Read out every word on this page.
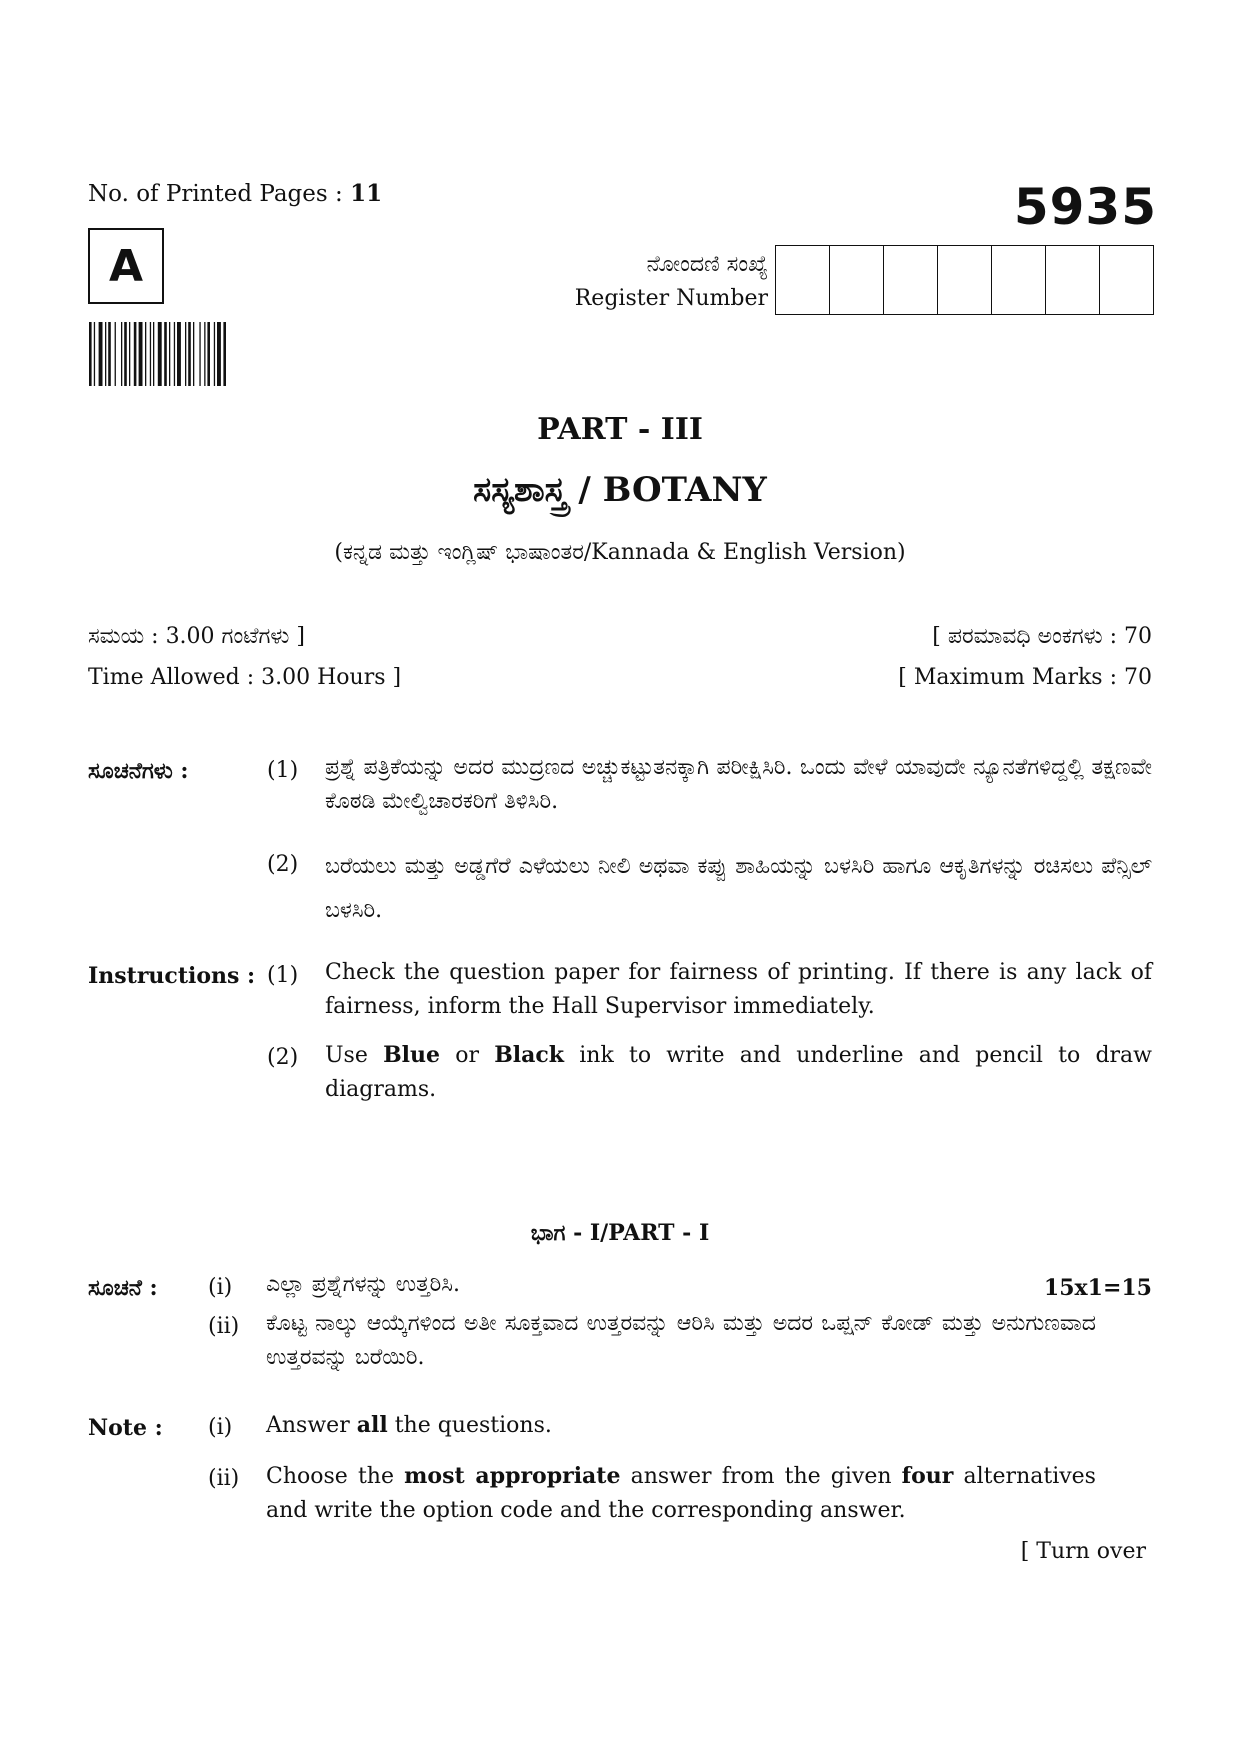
No. of Printed Pages : 11	5935
A	ನೋಂದಣಿ ಸಂಖ್ಯೆ
Register Number
PART - III
ಸಸ್ಯಶಾಸ್ತ್ರ / BOTANY
(ಕನ್ನಡ ಮತ್ತು ಇಂಗ್ಲಿಷ್ ಭಾಷಾಂತರ/Kannada & English Version)
ಸಮಯ : 3.00 ಗಂಟೆಗಳು ]
Time Allowed : 3.00 Hours ]
[ ಪರಮಾವಧಿ ಅಂಕಗಳು : 70
[ Maximum Marks : 70
ಸೂಚನೆಗಳು :	(1) ಪ್ರಶ್ನೆ ಪತ್ರಿಕೆಯನ್ನು ಅದರ ಮುದ್ರಣದ ಅಚ್ಚುಕಟ್ಟುತನಕ್ಕಾಗಿ ಪರೀಕ್ಷಿಸಿರಿ. ಒಂದು ವೇಳೆ ಯಾವುದೇ ನ್ಯೂನತೆಗಳಿದ್ದಲ್ಲಿ ತಕ್ಷಣವೇ ಕೊಠಡಿ ಮೇಲ್ವಿಚಾರಕರಿಗೆ ತಿಳಿಸಿರಿ.
(2) ಬರೆಯಲು ಮತ್ತು ಅಡ್ಡಗೆರೆ ಎಳೆಯಲು ನೀಲಿ ಅಥವಾ ಕಪ್ಪು ಶಾಹಿಯನ್ನು ಬಳಸಿರಿ ಹಾಗೂ ಆಕೃತಿಗಳನ್ನು ರಚಿಸಲು ಪೆನ್ಸಿಲ್ ಬಳಸಿರಿ.
Instructions : (1) Check the question paper for fairness of printing. If there is any lack of fairness, inform the Hall Supervisor immediately.
(2) Use Blue or Black ink to write and underline and pencil to draw diagrams.
ಭಾಗ - I/PART - I
ಸೂಚನೆ : (i) ಎಲ್ಲಾ ಪ್ರಶ್ನೆಗಳನ್ನು ಉತ್ತರಿಸಿ.	15x1=15
(ii) ಕೊಟ್ಟ ನಾಲ್ಕು ಆಯ್ಕೆಗಳಿಂದ ಅತೀ ಸೂಕ್ತವಾದ ಉತ್ತರವನ್ನು ಆರಿಸಿ ಮತ್ತು ಅದರ ಒಪ್ಷನ್ ಕೋಡ್ ಮತ್ತು ಅನುಗುಣವಾದ ಉತ್ತರವನ್ನು ಬರೆಯಿರಿ.
Note : (i) Answer all the questions.
(ii) Choose the most appropriate answer from the given four alternatives and write the option code and the corresponding answer.
[ Turn over
